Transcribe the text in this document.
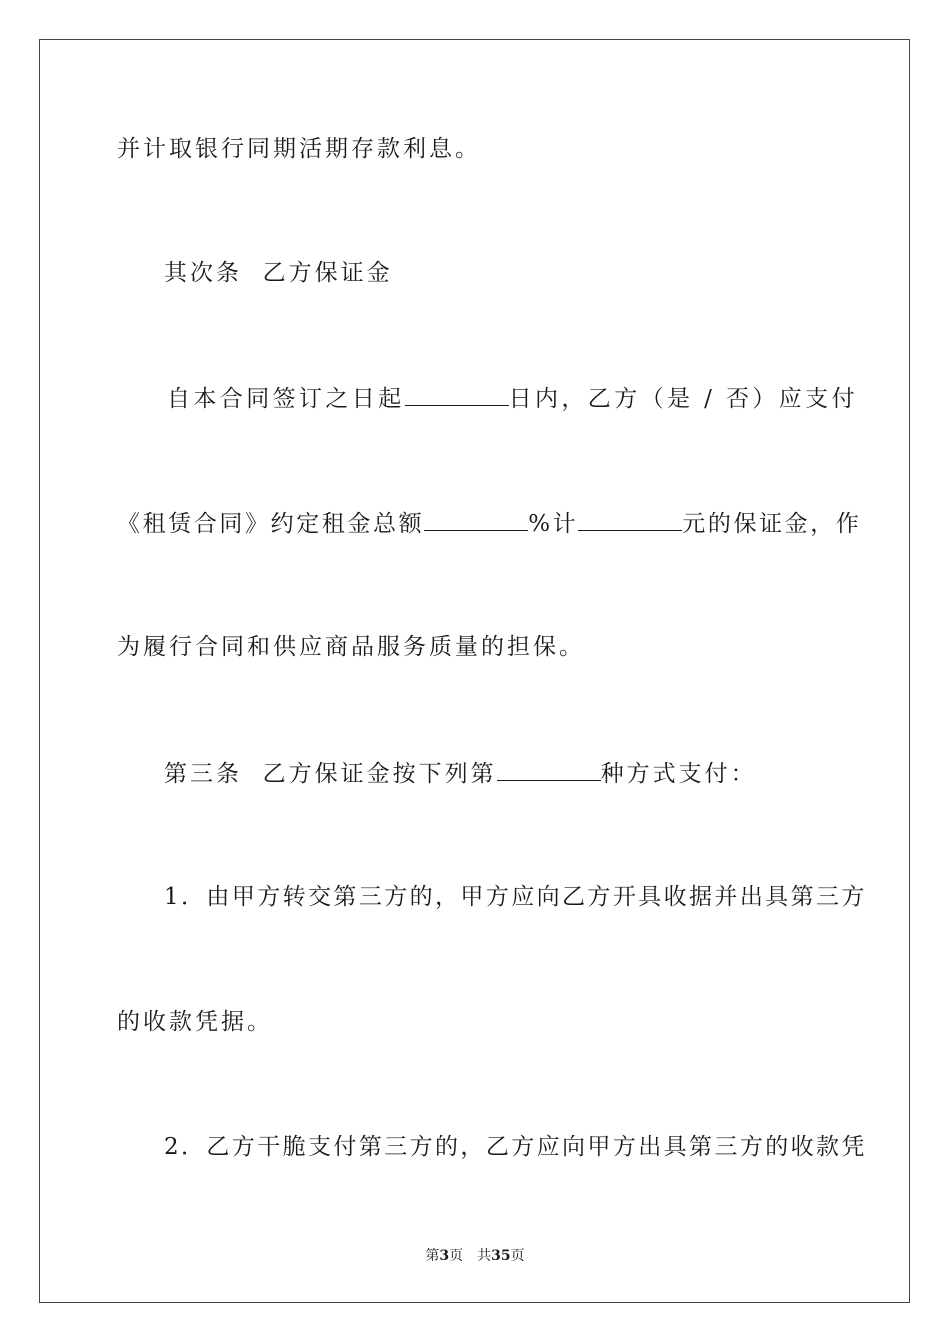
并计取银行同期活期存款利息。
其次条  乙方保证金
自本合同签订之日起	日内，乙方（是 / 否）应支付
《租赁合同》约定租金总额	%计	元的保证金，作
为履行合同和供应商品服务质量的担保。
第三条  乙方保证金按下列第	种方式支付：
1．由甲方转交第三方的，甲方应向乙方开具收据并出具第三方
的收款凭据。
2．乙方干脆支付第三方的，乙方应向甲方出具第三方的收款凭
第3页 共35页
